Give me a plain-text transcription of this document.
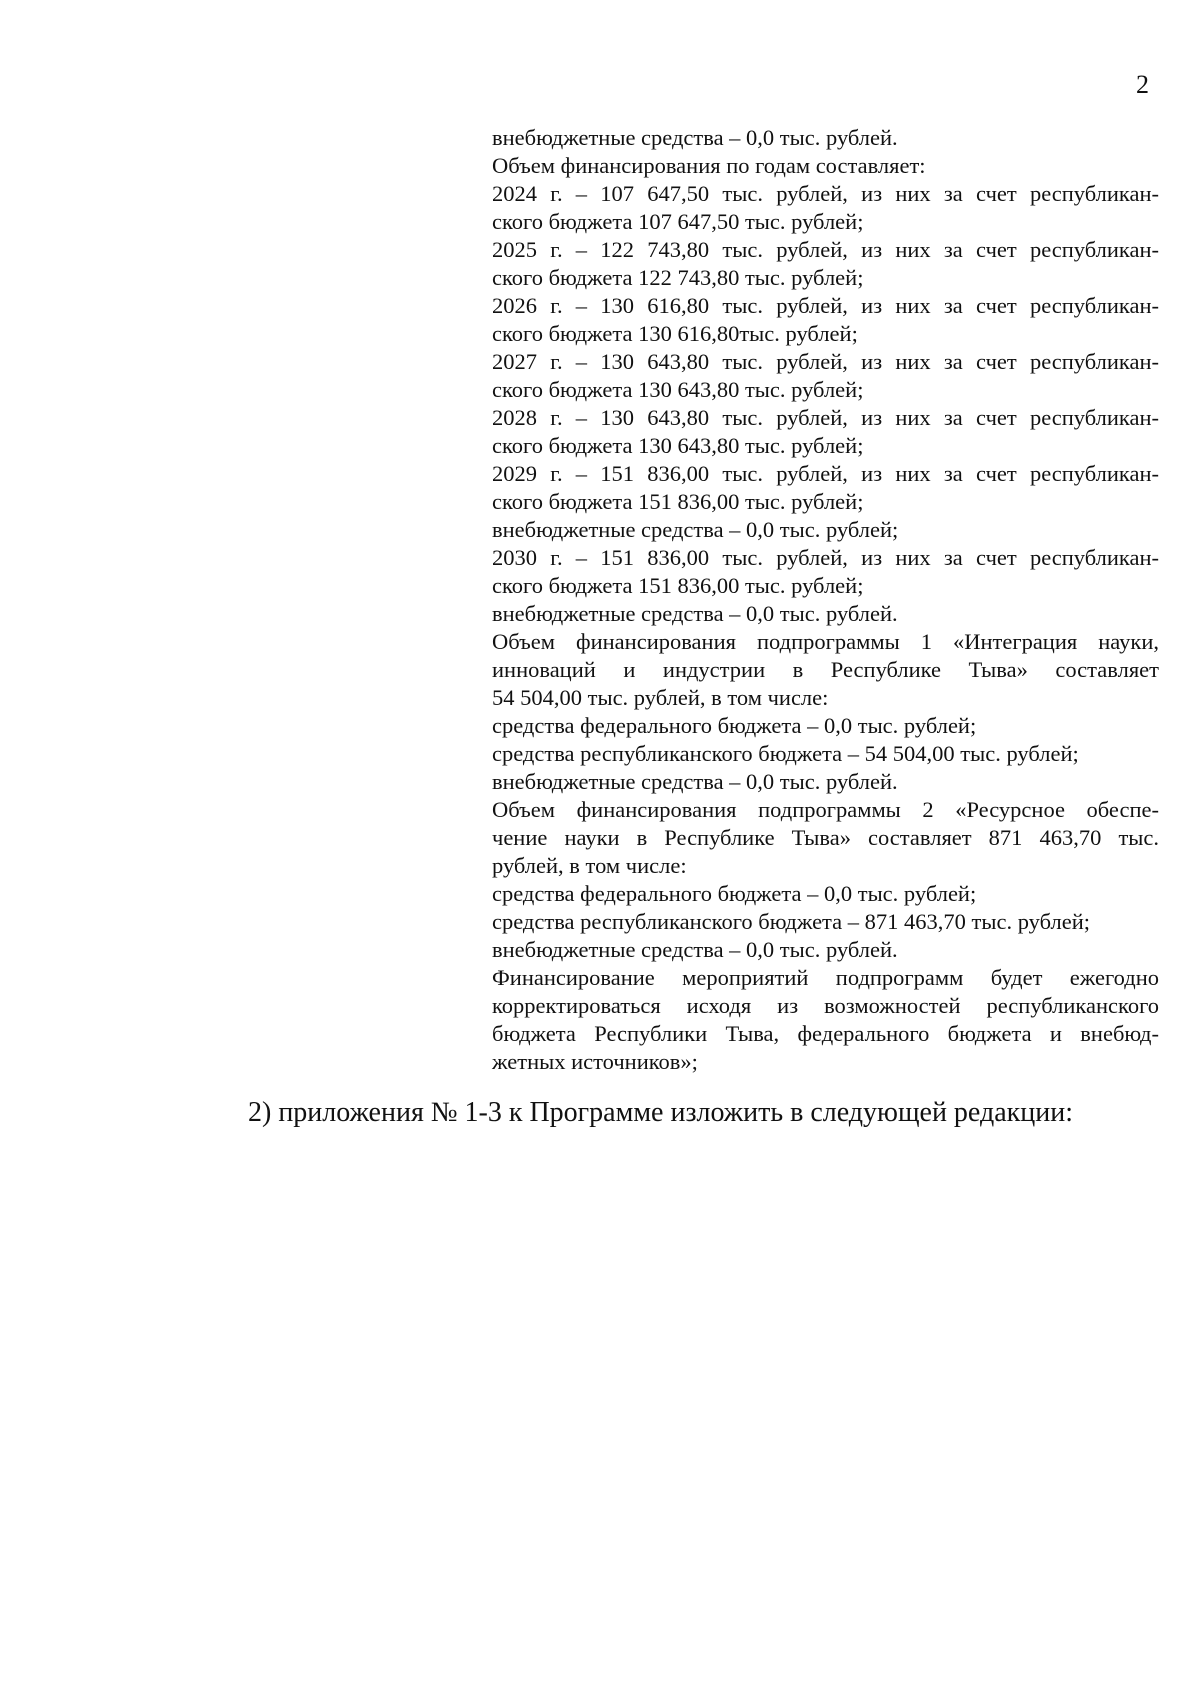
2
внебюджетные средства – 0,0 тыс. рублей.
Объем финансирования по годам составляет:
2024 г. – 107 647,50 тыс. рублей, из них за счет республикан-
ского бюджета 107 647,50 тыс. рублей;
2025 г. – 122 743,80 тыс. рублей, из них за счет республикан-
ского бюджета 122 743,80 тыс. рублей;
2026 г. – 130 616,80 тыс. рублей, из них за счет республикан-
ского бюджета 130 616,80тыс. рублей;
2027 г. – 130 643,80 тыс. рублей, из них за счет республикан-
ского бюджета 130 643,80 тыс. рублей;
2028 г. – 130 643,80 тыс. рублей, из них за счет республикан-
ского бюджета 130 643,80 тыс. рублей;
2029 г. – 151 836,00 тыс. рублей, из них за счет республикан-
ского бюджета 151 836,00 тыс. рублей;
внебюджетные средства – 0,0 тыс. рублей;
2030 г. – 151 836,00 тыс. рублей, из них за счет республикан-
ского бюджета 151 836,00 тыс. рублей;
внебюджетные средства – 0,0 тыс. рублей.
Объем финансирования подпрограммы 1 «Интеграция науки,
инноваций и индустрии в Республике Тыва» составляет
54 504,00 тыс. рублей, в том числе:
средства федерального бюджета – 0,0 тыс. рублей;
средства республиканского бюджета – 54 504,00 тыс. рублей;
внебюджетные средства – 0,0 тыс. рублей.
Объем финансирования подпрограммы 2 «Ресурсное обеспе-
чение науки в Республике Тыва» составляет 871 463,70 тыс.
рублей, в том числе:
средства федерального бюджета – 0,0 тыс. рублей;
средства республиканского бюджета – 871 463,70 тыс. рублей;
внебюджетные средства – 0,0 тыс. рублей.
Финансирование мероприятий подпрограмм будет ежегодно
корректироваться исходя из возможностей республиканского
бюджета Республики Тыва, федерального бюджета и внебюд-
жетных источников»;
2) приложения № 1-3 к Программе изложить в следующей редакции:
